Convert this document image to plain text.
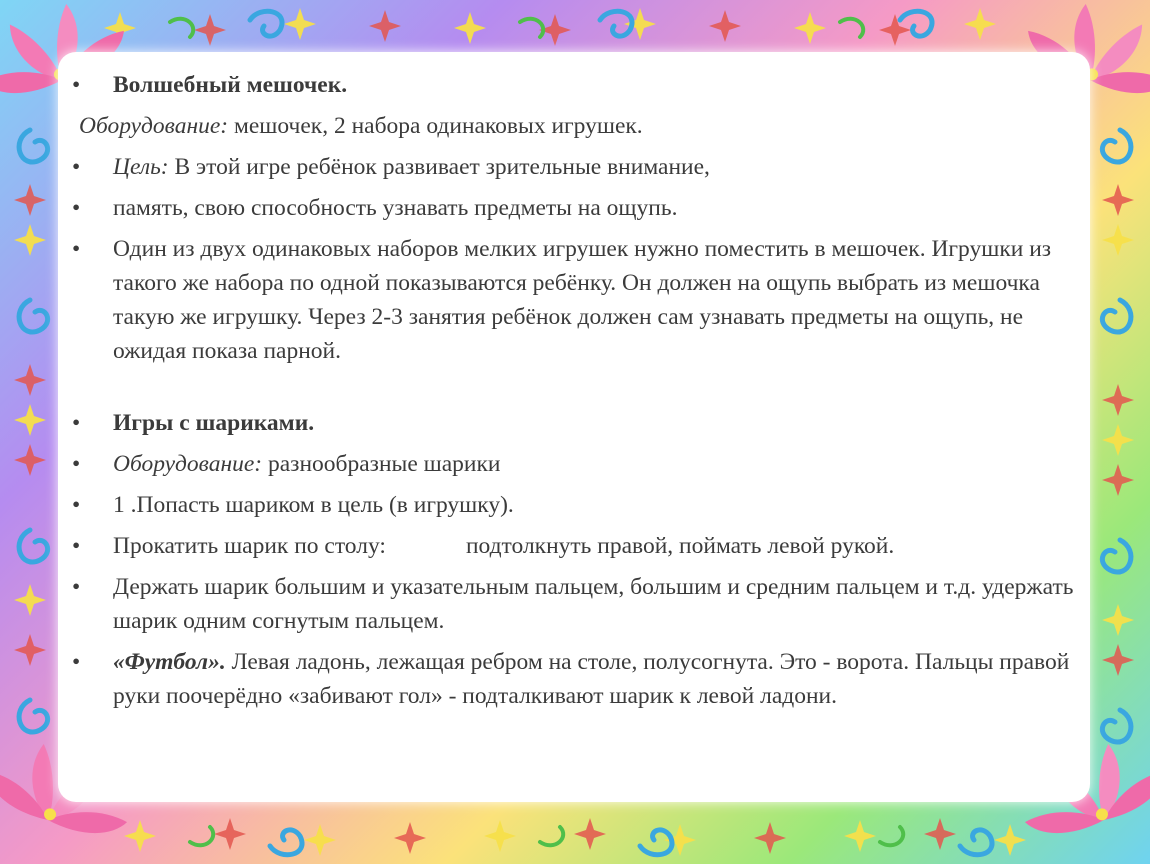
• Волшебный мешочек.
Оборудование: мешочек, 2 набора одинаковых игрушек.
• Цель: В этой игре ребёнок развивает зрительные внимание,
• память, свою способность узнавать предметы на ощупь.
• Один из двух одинаковых наборов мелких игрушек нужно поместить в мешочек. Игрушки из такого же набора по одной показываются ребёнку. Он должен на ощупь выбрать из мешочка такую же игрушку. Через 2-3 занятия ребёнок должен сам узнавать предметы на ощупь, не ожидая показа парной.
• Игры с шариками.
• Оборудование: разнообразные шарики
• 1 .Попасть шариком в цель (в игрушку).
• Прокатить шарик по столу:	подтолкнуть правой, поймать левой рукой.
• Держать шарик большим и указательным пальцем, большим и средним пальцем и т.д. удержать шарик одним согнутым пальцем.
• «Футбол». Левая ладонь, лежащая ребром на столе, полусогнута. Это - ворота. Пальцы правой руки поочерёдно «забивают гол» - подталкивают шарик к левой ладони.
